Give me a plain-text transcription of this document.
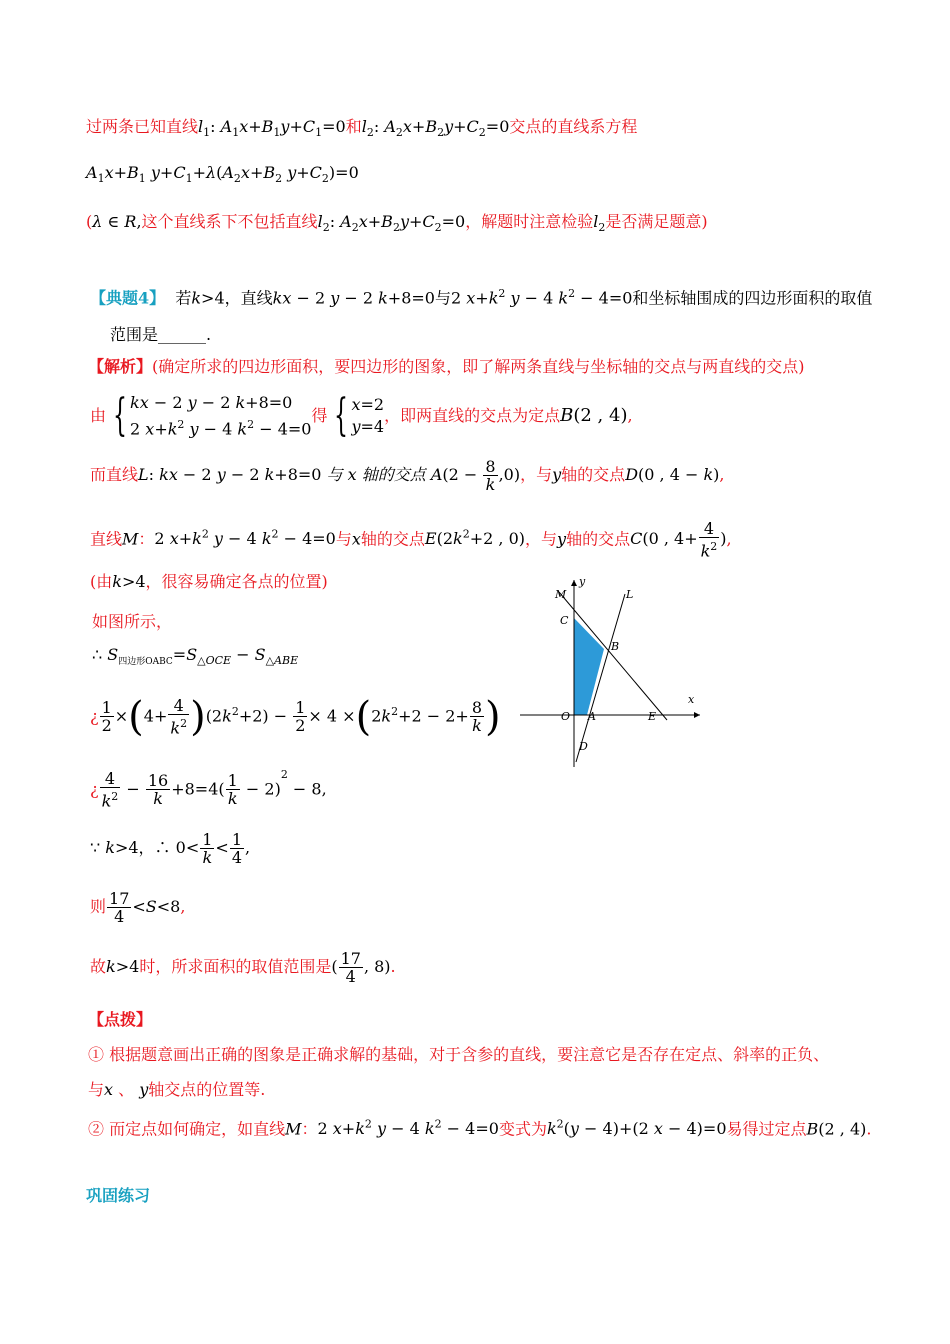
过两条已知直线$l_1$: $A_1x+B_1y+C_1=0$和$l_2$: $A_2x+B_2y+C_2=0$交点的直线系方程
$A_1x+B_1$ $y+C_1+\lambda(A_2x+B_2$ $y+C_2)=0$
(λ ∈ R,这个直线系下不包括直线$l_2$: $A_2x+B_2y+C_2=0$，解题时注意检验$l_2$是否满足题意)
【典题4】 若k>4，直线kx − 2 y − 2 k+8=0与2 $x+k^2$ y − 4 $k^2 - 4=0$和坐标轴围成的四边形面积的取值
范围是______.
【解析】(确定所求的四边形面积，要四边形的图象，即了解两条直线与坐标轴的交点与两直线的交点)
由 { kx − 2 y − 2 k+8=0
2 $x+k^2$ y − 4 $k^2 - 4=0$得 { x=2
y=4，即两直线的交点为定点B(2 , 4),
而直线L: kx − 2 y − 2 k+8=0 与 x 轴的交点 $A(2 - \frac{8}{k} ,0)$，与y轴的交点D(0 , 4 − k),
直线M：2 $x+k^2$ y − 4 $k^2 - 4=0$与x轴的交点$E(2k^2+2$ , 0)，与y轴的交点C(0 , $4+ \frac{4}{k^2}$ ),
(由k>4，很容易确定各点的位置)
如图所示，
∴ $S_{四边形OABC}=S_{\triangle OCE} - S_{\triangle ABE}$
¿ $\frac{1}{2} \times(4+ \frac{4}{k^2} )(2k^2+2) - \frac{1}{2} \times 4 \times(2k^2+2 - 2+ \frac{8}{k}$ )
¿ $\frac{4}{k^2} - \frac{16}{k} +8=4( \frac{1}{k} - 2)^2 - 8$,
∵ k>4，∴ $0< \frac{1}{k} < \frac{1}{4}$ ,
则 $\frac{17}{4} <S<8$,
故k>4时，所求面积的取值范围是( $\frac{17}{4}$ , 8).
M	L
y
C
B
x
O A	E
D
【点拨】
① 根据题意画出正确的图象是正确求解的基础，对于含参的直线，要注意它是否存在定点、斜率的正负、
与x 、 y轴交点的位置等.
② 而定点如何确定，如直线M：2 $x+k^2$ y − 4 $k^2 - 4=0$变式为$k^2(y - 4)+(2$ x − 4)=0易得过定点B(2 , 4).
巩固练习
